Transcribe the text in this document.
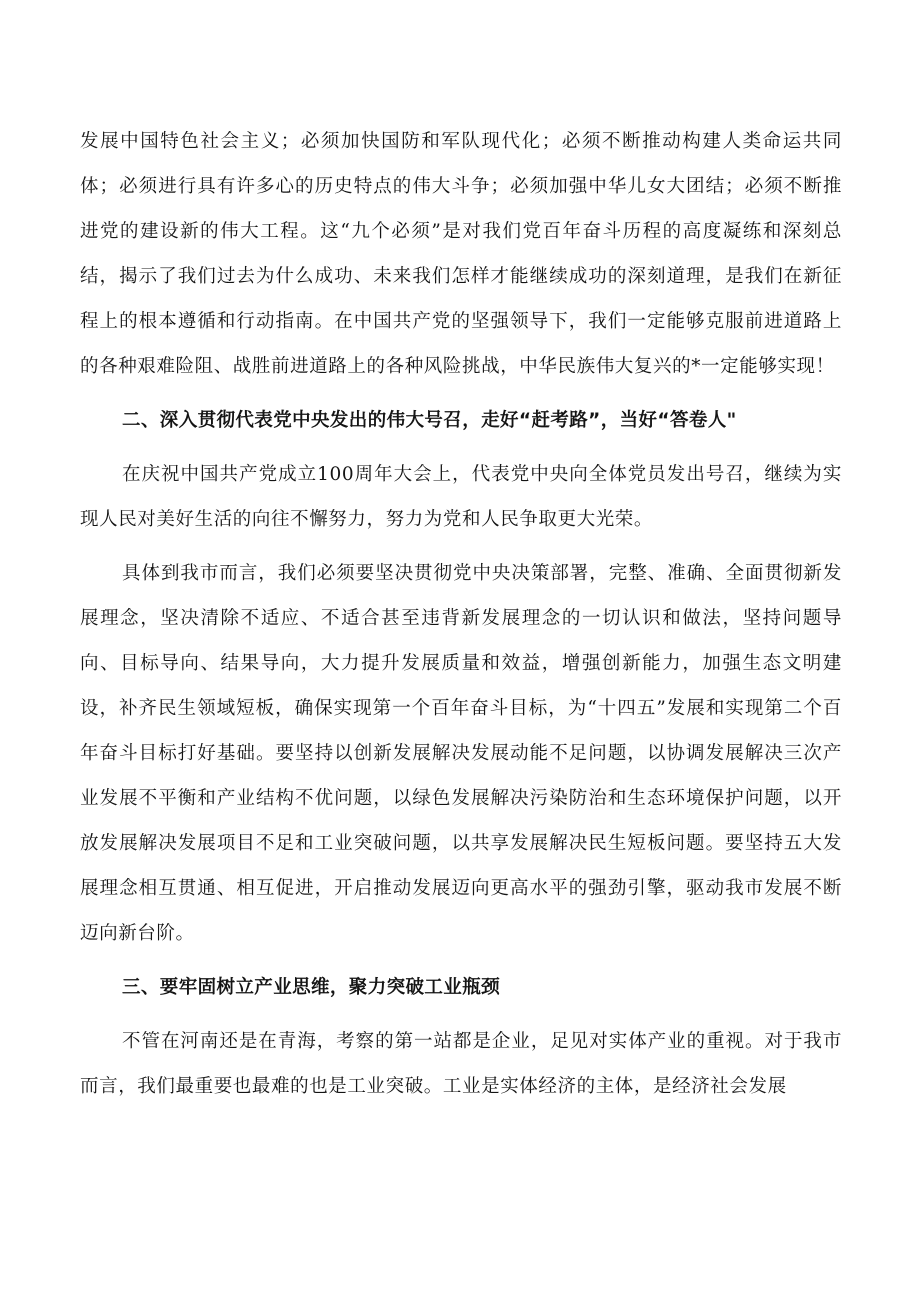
发展中国特色社会主义；必须加快国防和军队现代化；必须不断推动构建人类命运共同体；必须进行具有许多心的历史特点的伟大斗争；必须加强中华儿女大团结；必须不断推进党的建设新的伟大工程。这“九个必须”是对我们党百年奋斗历程的高度凝练和深刻总结，揭示了我们过去为什么成功、未来我们怎样才能继续成功的深刻道理，是我们在新征程上的根本遵循和行动指南。在中国共产党的坚强领导下，我们一定能够克服前进道路上的各种艰难险阻、战胜前进道路上的各种风险挑战，中华民族伟大复兴的*一定能够实现！

二、深入贯彻代表党中央发出的伟大号召，走好“赶考路”，当好“答卷人"

在庆祝中国共产党成立100周年大会上，代表党中央向全体党员发出号召，继续为实现人民对美好生活的向往不懈努力，努力为党和人民争取更大光荣。

具体到我市而言，我们必须要坚决贯彻党中央决策部署，完整、准确、全面贯彻新发展理念，坚决清除不适应、不适合甚至违背新发展理念的一切认识和做法，坚持问题导向、目标导向、结果导向，大力提升发展质量和效益，增强创新能力，加强生态文明建设，补齐民生领域短板，确保实现第一个百年奋斗目标，为“十四五”发展和实现第二个百年奋斗目标打好基础。要坚持以创新发展解决发展动能不足问题，以协调发展解决三次产业发展不平衡和产业结构不优问题，以绿色发展解决污染防治和生态环境保护问题，以开放发展解决发展项目不足和工业突破问题，以共享发展解决民生短板问题。要坚持五大发展理念相互贯通、相互促进，开启推动发展迈向更高水平的强劲引擎，驱动我市发展不断迈向新台阶。

三、要牢固树立产业思维，聚力突破工业瓶颈

不管在河南还是在青海，考察的第一站都是企业，足见对实体产业的重视。对于我市而言，我们最重要也最难的也是工业突破。工业是实体经济的主体，是经济社会发展
